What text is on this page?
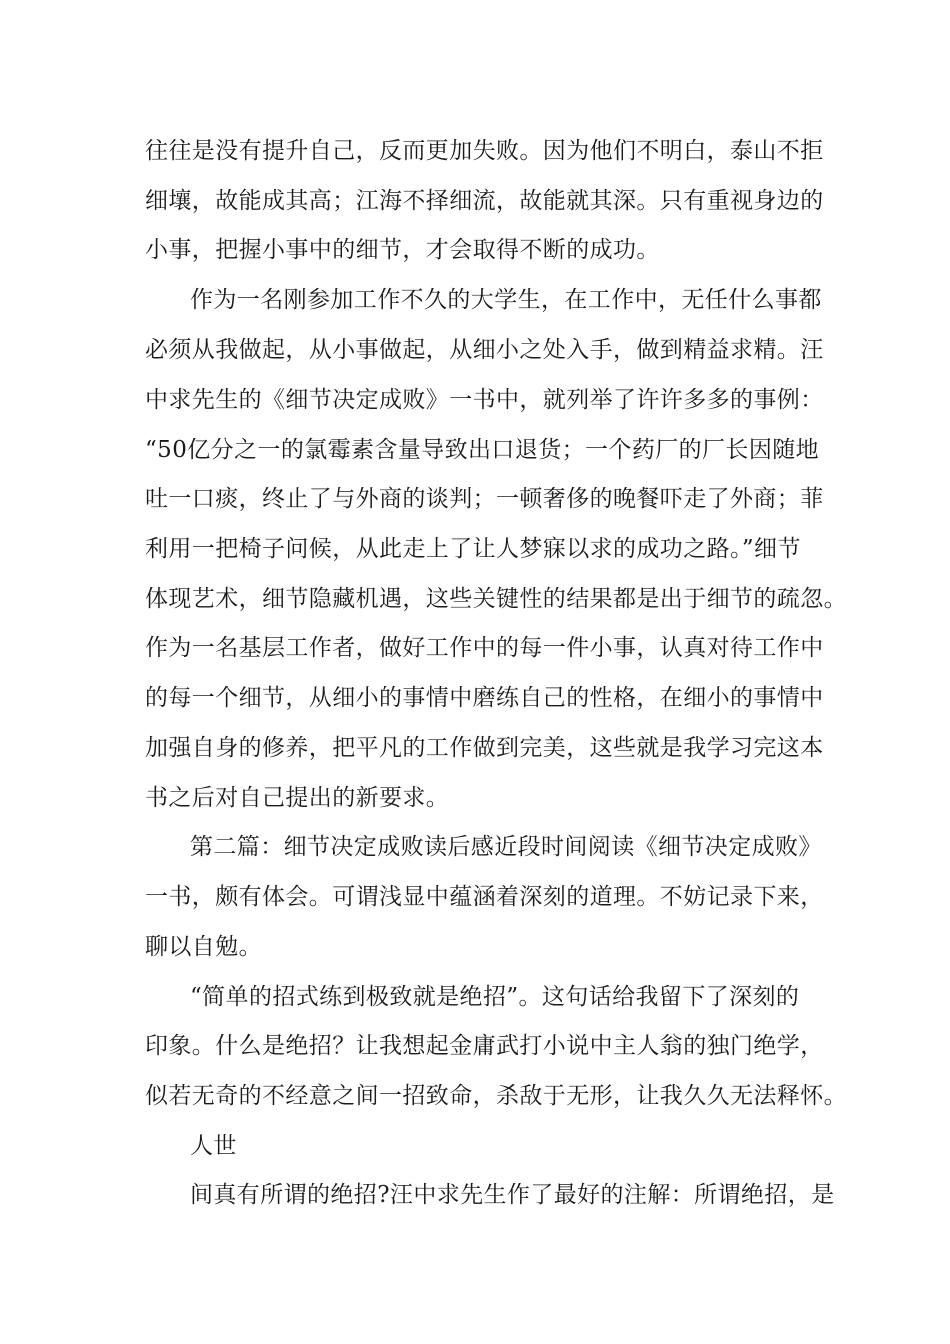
往往是没有提升自己，反而更加失败。因为他们不明白，泰山不拒
细壤，故能成其高；江海不择细流，故能就其深。只有重视身边的
小事，把握小事中的细节，才会取得不断的成功。
作为一名刚参加工作不久的大学生，在工作中，无任什么事都
必须从我做起，从小事做起，从细小之处入手，做到精益求精。汪
中求先生的《细节决定成败》一书中，就列举了许许多多的事例：
“50亿分之一的氯霉素含量导致出口退货；一个药厂的厂长因随地
吐一口痰，终止了与外商的谈判；一顿奢侈的晚餐吓走了外商；菲
利用一把椅子问候，从此走上了让人梦寐以求的成功之路。”细节
体现艺术，细节隐藏机遇，这些关键性的结果都是出于细节的疏忽。
作为一名基层工作者，做好工作中的每一件小事，认真对待工作中
的每一个细节，从细小的事情中磨练自己的性格，在细小的事情中
加强自身的修养，把平凡的工作做到完美，这些就是我学习完这本
书之后对自己提出的新要求。
第二篇：细节决定成败读后感近段时间阅读《细节决定成败》
一书，颇有体会。可谓浅显中蕴涵着深刻的道理。不妨记录下来，
聊以自勉。
“简单的招式练到极致就是绝招”。这句话给我留下了深刻的
印象。什么是绝招？让我想起金庸武打小说中主人翁的独门绝学，
似若无奇的不经意之间一招致命，杀敌于无形，让我久久无法释怀。
人世
间真有所谓的绝招?汪中求先生作了最好的注解：所谓绝招，是
